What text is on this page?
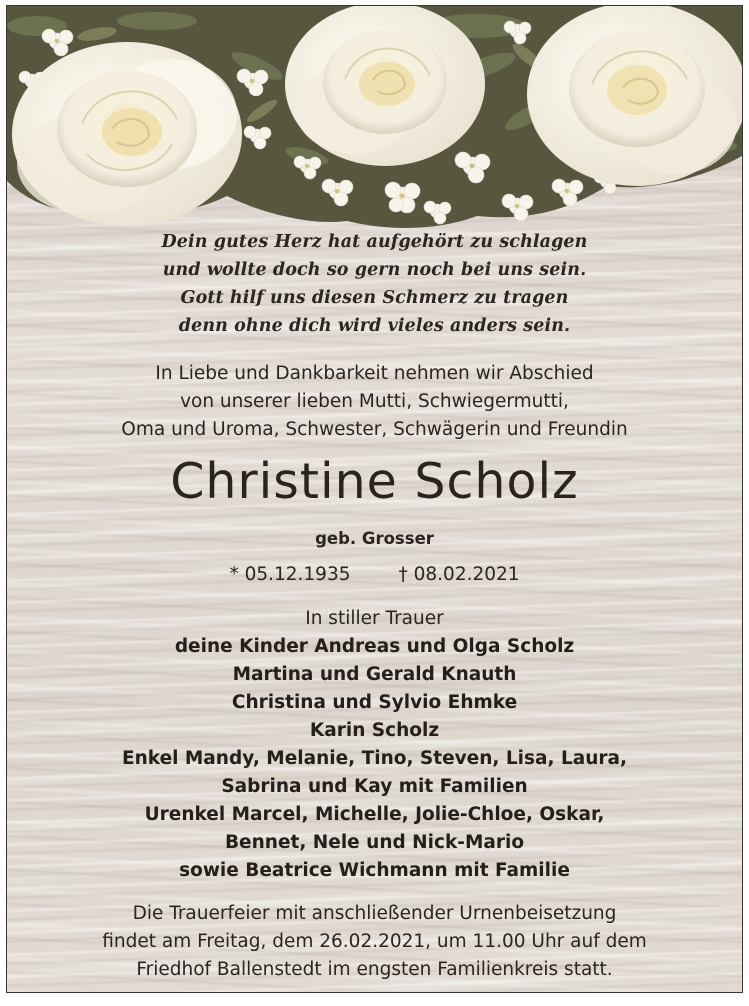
Dein gutes Herz hat aufgehört zu schlagen
und wollte doch so gern noch bei uns sein.
Gott hilf uns diesen Schmerz zu tragen
denn ohne dich wird vieles anders sein.
In Liebe und Dankbarkeit nehmen wir Abschied
von unserer lieben Mutti, Schwiegermutti,
Oma und Uroma, Schwester, Schwägerin und Freundin
Christine Scholz
geb. Grosser
* 05.12.1935	† 08.02.2021
In stiller Trauer
deine Kinder Andreas und Olga Scholz
Martina und Gerald Knauth
Christina und Sylvio Ehmke
Karin Scholz
Enkel Mandy, Melanie, Tino, Steven, Lisa, Laura,
Sabrina und Kay mit Familien
Urenkel Marcel, Michelle, Jolie-Chloe, Oskar,
Bennet, Nele und Nick-Mario
sowie Beatrice Wichmann mit Familie
Die Trauerfeier mit anschließender Urnenbeisetzung
findet am Freitag, dem 26.02.2021, um 11.00 Uhr auf dem
Friedhof Ballenstedt im engsten Familienkreis statt.
